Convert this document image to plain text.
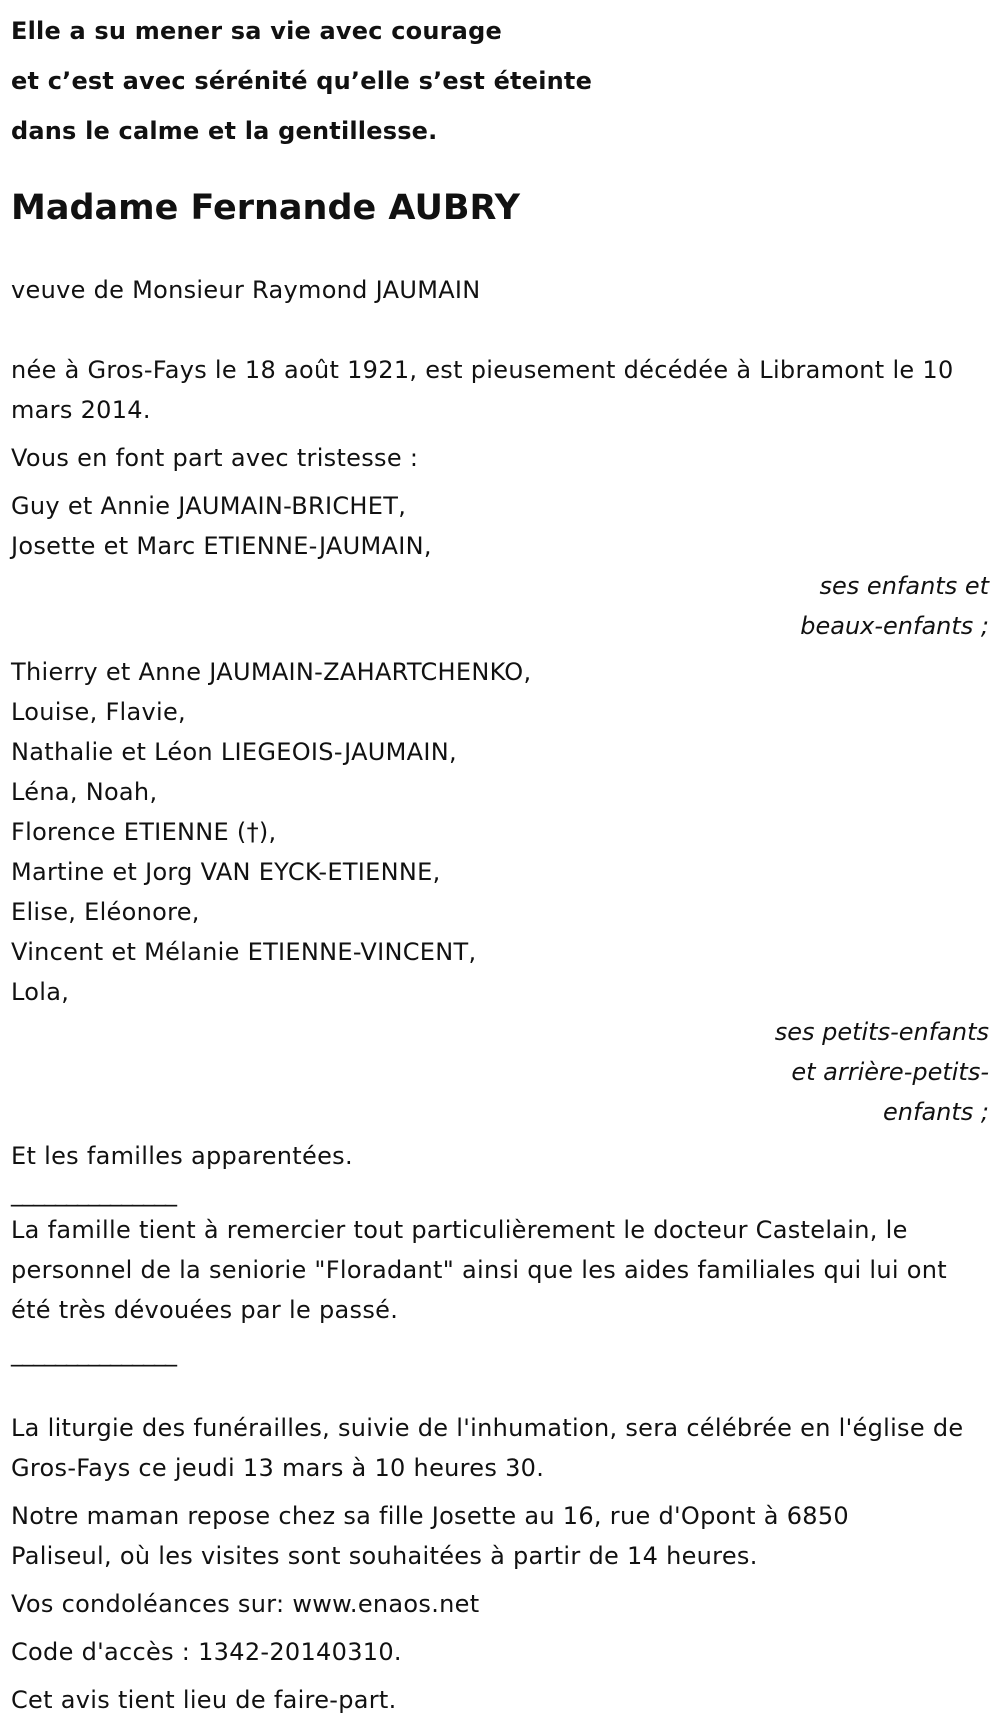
Elle a su mener sa vie avec courage
et c’est avec sérénité qu’elle s’est éteinte
dans le calme et la gentillesse.
Madame Fernande AUBRY

veuve de Monsieur Raymond JAUMAIN

née à Gros-Fays le 18 août 1921, est pieusement décédée à Libramont le 10 mars 2014.

Vous en font part avec tristesse :

Guy et Annie JAUMAIN-BRICHET,
Josette et Marc ETIENNE-JAUMAIN,
ses enfants et
beaux-enfants ;
Thierry et Anne JAUMAIN-ZAHARTCHENKO,
Louise, Flavie,
Nathalie et Léon LIEGEOIS-JAUMAIN,
Léna, Noah,
Florence ETIENNE (†),
Martine et Jorg VAN EYCK-ETIENNE,
Elise, Eléonore,
Vincent et Mélanie ETIENNE-VINCENT,
Lola,
ses petits-enfants
et arrière-petits-
enfants ;

Et les familles apparentées.

_______________

La famille tient à remercier tout particulièrement le docteur Castelain, le personnel de la seniorie "Floradant" ainsi que les aides familiales qui lui ont été très dévouées par le passé.

_______________

La liturgie des funérailles, suivie de l'inhumation, sera célébrée en l'église de Gros-Fays ce jeudi 13 mars à 10 heures 30.

Notre maman repose chez sa fille Josette au 16, rue d'Opont à 6850 Paliseul, où les visites sont souhaitées à partir de 14 heures.

Vos condoléances sur: www.enaos.net

Code d'accès : 1342-20140310.

Cet avis tient lieu de faire-part.
